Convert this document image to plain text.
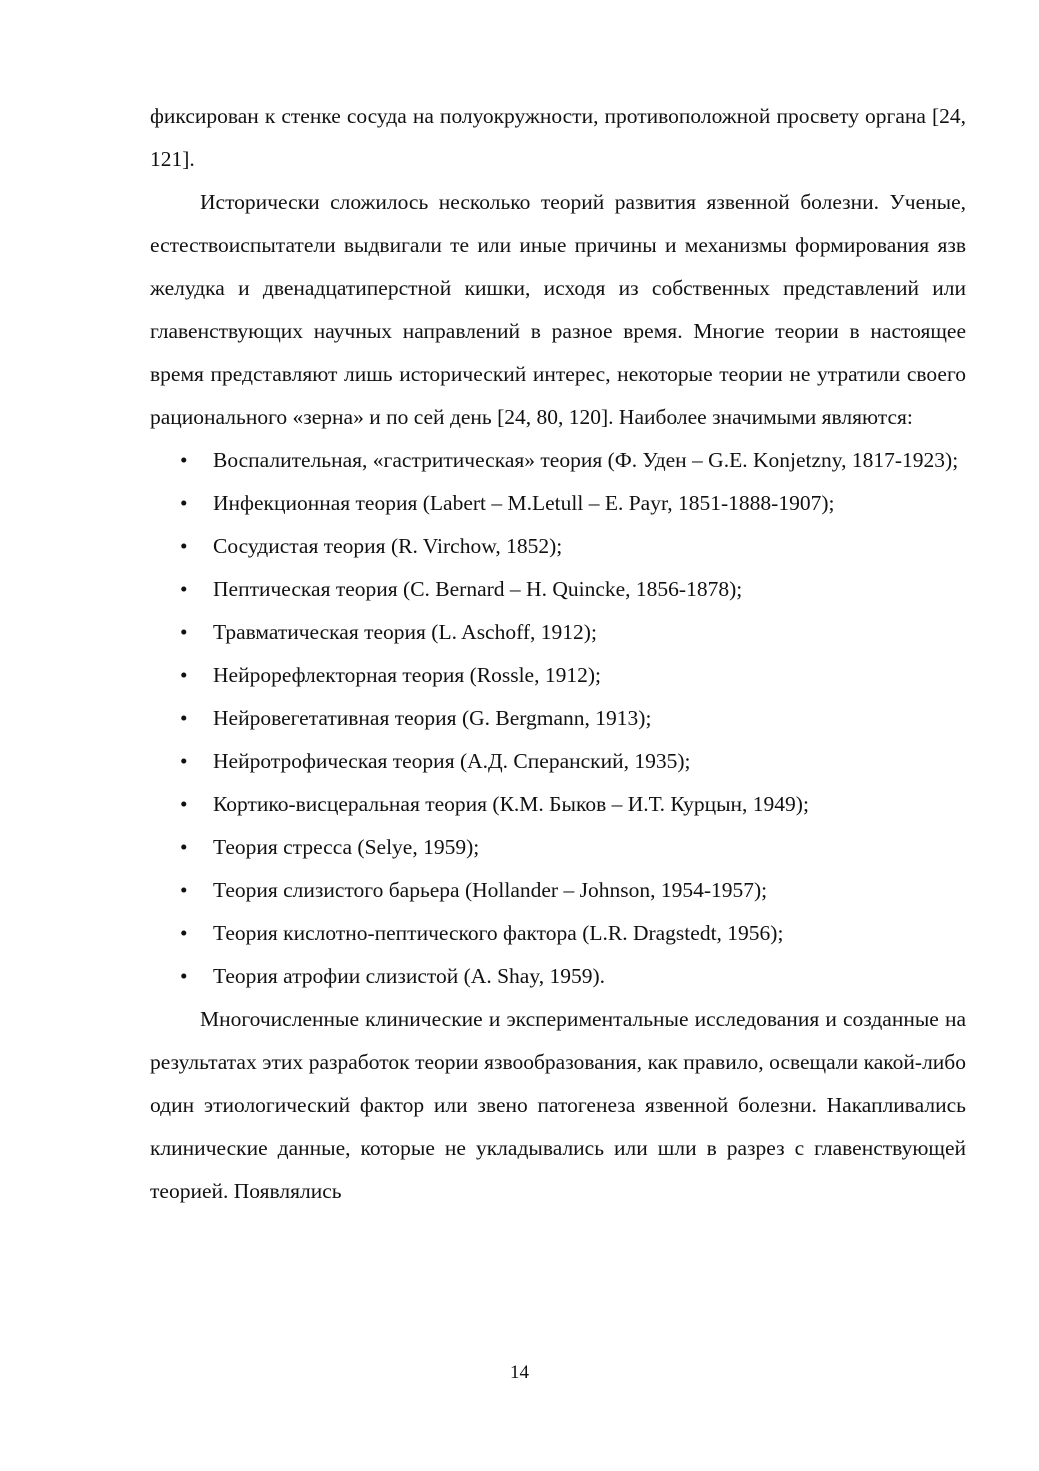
фиксирован к стенке сосуда на полуокружности, противоположной просвету органа [24, 121].

Исторически сложилось несколько теорий развития язвенной болезни. Ученые, естествоиспытатели выдвигали те или иные причины и механизмы формирования язв желудка и двенадцатиперстной кишки, исходя из собственных представлений или главенствующих научных направлений в разное время. Многие теории в настоящее время представляют лишь исторический интерес, некоторые теории не утратили своего рационального «зерна» и по сей день [24, 80, 120]. Наиболее значимыми являются:

•	Воспалительная, «гастритическая» теория (Ф. Уден – G.E. Konjetzny, 1817-1923);
•	Инфекционная теория (Labert – M.Letull – E. Payr, 1851-1888-1907);
•	Сосудистая теория (R. Virchow, 1852);
•	Пептическая теория (C. Bernard – H. Quincke, 1856-1878);
•	Травматическая теория (L. Aschoff, 1912);
•	Нейрорефлекторная теория (Rossle, 1912);
•	Нейровегетативная теория (G. Bergmann, 1913);
•	Нейротрофическая теория (А.Д. Сперанский, 1935);
•	Кортико-висцеральная теория (К.М. Быков – И.Т. Курцын, 1949);
•	Теория стресса (Selye, 1959);
•	Теория слизистого барьера (Hollander – Johnson, 1954-1957);
•	Теория кислотно-пептического фактора (L.R. Dragstedt, 1956);
•	Теория атрофии слизистой (A. Shay, 1959).

Многочисленные клинические и экспериментальные исследования и созданные на результатах этих разработок теории язвообразования, как правило, освещали какой-либо один этиологический фактор или звено патогенеза язвенной болезни. Накапливались клинические данные, которые не укладывались или шли в разрез с главенствующей теорией. Появлялись

14
